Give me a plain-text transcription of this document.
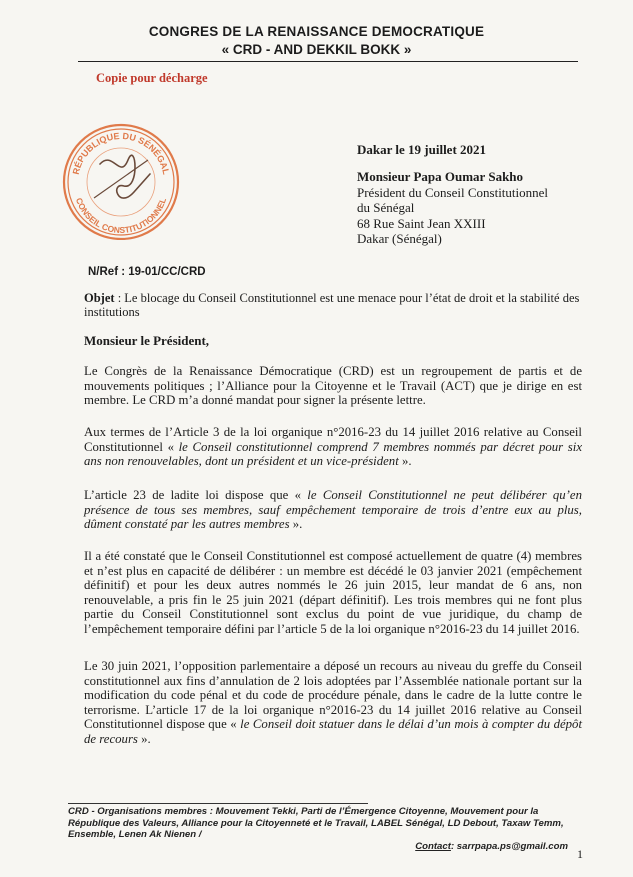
CONGRES DE LA RENAISSANCE DEMOCRATIQUE
« CRD - AND DEKKIL BOKK »
Copie pour décharge
RÉPUBLIQUE DU SÉNÉGAL
CONSEIL CONSTITUTIONNEL
Dakar le 19 juillet 2021
Monsieur Papa Oumar Sakho
Président du Conseil Constitutionnel
du Sénégal
68 Rue Saint Jean XXIII
Dakar (Sénégal)
N/Ref : 19-01/CC/CRD
Objet : Le blocage du Conseil Constitutionnel est une menace pour l’état de droit et la stabilité des institutions
Monsieur le Président,
Le Congrès de la Renaissance Démocratique (CRD) est un regroupement de partis et de mouvements politiques ; l’Alliance pour la Citoyenne et le Travail (ACT) que je dirige en est membre. Le CRD m’a donné mandat pour signer la présente lettre.
Aux termes de l’Article 3 de la loi organique n°2016-23 du 14 juillet 2016 relative au Conseil Constitutionnel « le Conseil constitutionnel comprend 7 membres nommés par décret pour six ans non renouvelables, dont un président et un vice-président ».
L’article 23 de ladite loi dispose que « le Conseil Constitutionnel ne peut délibérer qu’en présence de tous ses membres, sauf empêchement temporaire de trois d’entre eux au plus, dûment constaté par les autres membres ».
Il a été constaté que le Conseil Constitutionnel est composé actuellement de quatre (4) membres et n’est plus en capacité de délibérer : un membre est décédé le 03 janvier 2021 (empêchement définitif) et pour les deux autres nommés le 26 juin 2015, leur mandat de 6 ans, non renouvelable, a pris fin le 25 juin 2021 (départ définitif). Les trois membres qui ne font plus partie du Conseil Constitutionnel sont exclus du point de vue juridique, du champ de l’empêchement temporaire défini par l’article 5 de la loi organique n°2016-23 du 14 juillet 2016.
Le 30 juin 2021, l’opposition parlementaire a déposé un recours au niveau du greffe du Conseil constitutionnel aux fins d’annulation de 2 lois adoptées par l’Assemblée nationale portant sur la modification du code pénal et du code de procédure pénale, dans le cadre de la lutte contre le terrorisme. L’article 17 de la loi organique n°2016-23 du 14 juillet 2016 relative au Conseil Constitutionnel dispose que « le Conseil doit statuer dans le délai d’un mois à compter du dépôt de recours ».
CRD - Organisations membres : Mouvement Tekki, Parti de l’Émergence Citoyenne, Mouvement pour la République des Valeurs, Alliance pour la Citoyenneté et le Travail, LABEL Sénégal, LD Debout, Taxaw Temm, Ensemble, Lenen Ak Nienen /
Contact: sarrpapa.ps@gmail.com
1
